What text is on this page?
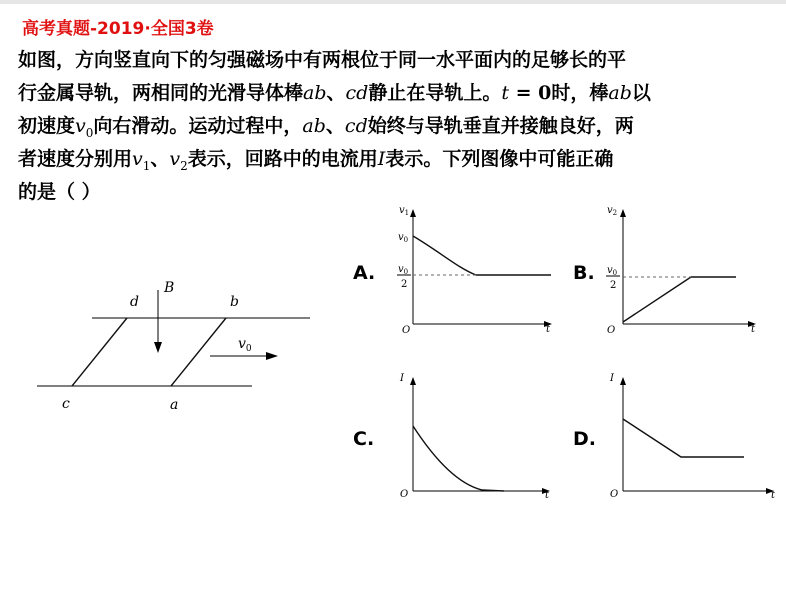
高考真题-2019·全国3卷
如图，方向竖直向下的匀强磁场中有两根位于同一水平面内的足够长的平
行金属导轨，两相同的光滑导体棒ab、cd静止在导轨上。t = 0时，棒ab以
初速度$v_0$向右滑动。运动过程中，ab、cd始终与导轨垂直并接触良好，两
者速度分别用$v_1$、$v_2$表示，回路中的电流用I表示。下列图像中可能正确
的是（ ）
B
d	b
c	a
$v_0$
A.	B.
C.	D.
$v_1$
$v_0$
$v_0$
2
O	t
$v_2$
$v_0$
2
O	t
I
O	t
I
O	t
